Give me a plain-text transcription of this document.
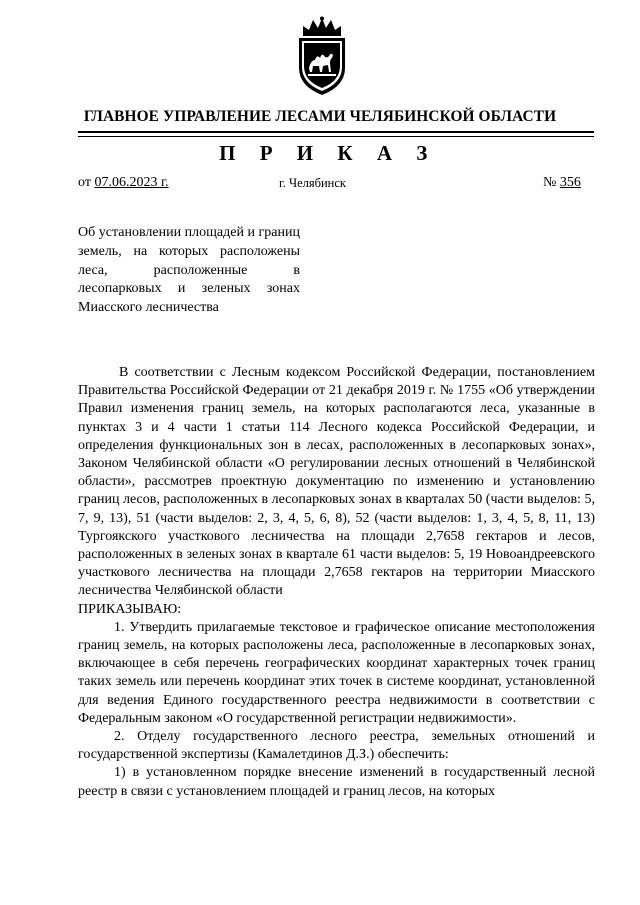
ГЛАВНОЕ УПРАВЛЕНИЕ ЛЕСАМИ ЧЕЛЯБИНСКОЙ ОБЛАСТИ
П Р И К А З
от 07.06.2023 г.	г. Челябинск	№ 356
Об установлении площадей и границ земель, на которых расположены леса, расположенные в лесопарковых и зеленых зонах Миасского лесничества

В соответствии с Лесным кодексом Российской Федерации, постановлением Правительства Российской Федерации от 21 декабря 2019 г. № 1755 «Об утверждении Правил изменения границ земель, на которых располагаются леса, указанные в пунктах 3 и 4 части 1 статьи 114 Лесного кодекса Российской Федерации, и определения функциональных зон в лесах, расположенных в лесопарковых зонах», Законом Челябинской области «О регулировании лесных отношений в Челябинской области», рассмотрев проектную документацию по изменению и установлению границ лесов, расположенных в лесопарковых зонах в кварталах 50 (части выделов: 5, 7, 9, 13), 51 (части выделов: 2, 3, 4, 5, 6, 8), 52 (части выделов: 1, 3, 4, 5, 8, 11, 13) Тургоякского участкового лесничества на площади 2,7658 гектаров и лесов, расположенных в зеленых зонах в квартале 61 части выделов: 5, 19 Новоандреевского участкового лесничества на площади 2,7658 гектаров на территории Миасского лесничества Челябинской области

ПРИКАЗЫВАЮ:

1. Утвердить прилагаемые текстовое и графическое описание местоположения границ земель, на которых расположены леса, расположенные в лесопарковых зонах, включающее в себя перечень географических координат характерных точек границ таких земель или перечень координат этих точек в системе координат, установленной для ведения Единого государственного реестра недвижимости в соответствии с Федеральным законом «О государственной регистрации недвижимости».

2. Отделу государственного лесного реестра, земельных отношений и государственной экспертизы (Камалетдинов Д.З.) обеспечить:

1) в установленном порядке внесение изменений в государственный лесной реестр в связи с установлением площадей и границ лесов, на которых
